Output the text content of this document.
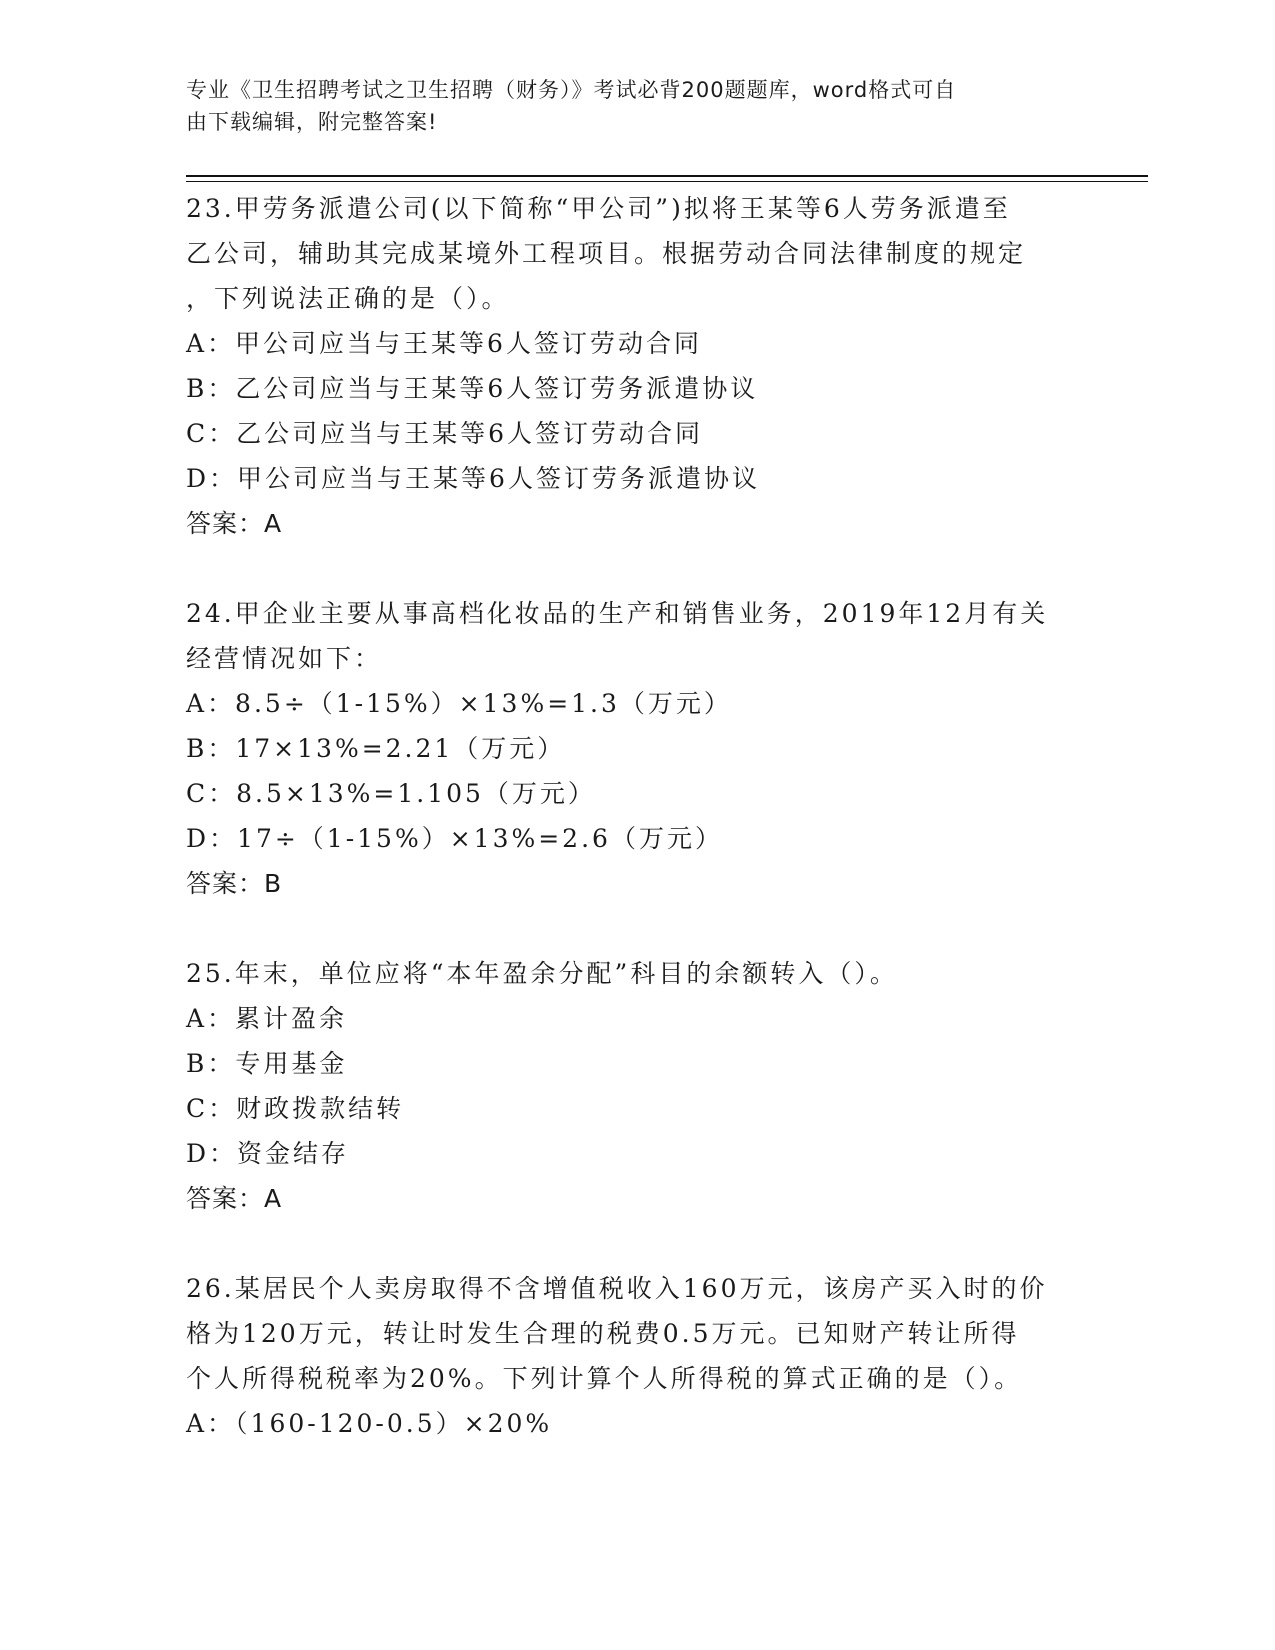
专业《卫生招聘考试之卫生招聘（财务）》考试必背200题题库，word格式可自
由下载编辑，附完整答案!
23.甲劳务派遣公司(以下简称“甲公司”)拟将王某等6人劳务派遣至
乙公司，辅助其完成某境外工程项目。根据劳动合同法律制度的规定
，下列说法正确的是（）。
A：甲公司应当与王某等6人签订劳动合同
B：乙公司应当与王某等6人签订劳务派遣协议
C：乙公司应当与王某等6人签订劳动合同
D：甲公司应当与王某等6人签订劳务派遣协议
答案：A
24.甲企业主要从事高档化妆品的生产和销售业务，2019年12月有关
经营情况如下：
A：8.5÷（1-15%）×13%=1.3（万元）
B：17×13%=2.21（万元）
C：8.5×13%=1.105（万元）
D：17÷（1-15%）×13%=2.6（万元）
答案：B
25.年末，单位应将“本年盈余分配”科目的余额转入（）。
A：累计盈余
B：专用基金
C：财政拨款结转
D：资金结存
答案：A
26.某居民个人卖房取得不含增值税收入160万元，该房产买入时的价
格为120万元，转让时发生合理的税费0.5万元。已知财产转让所得
个人所得税税率为20%。下列计算个人所得税的算式正确的是（）。
A：（160-120-0.5）×20%
